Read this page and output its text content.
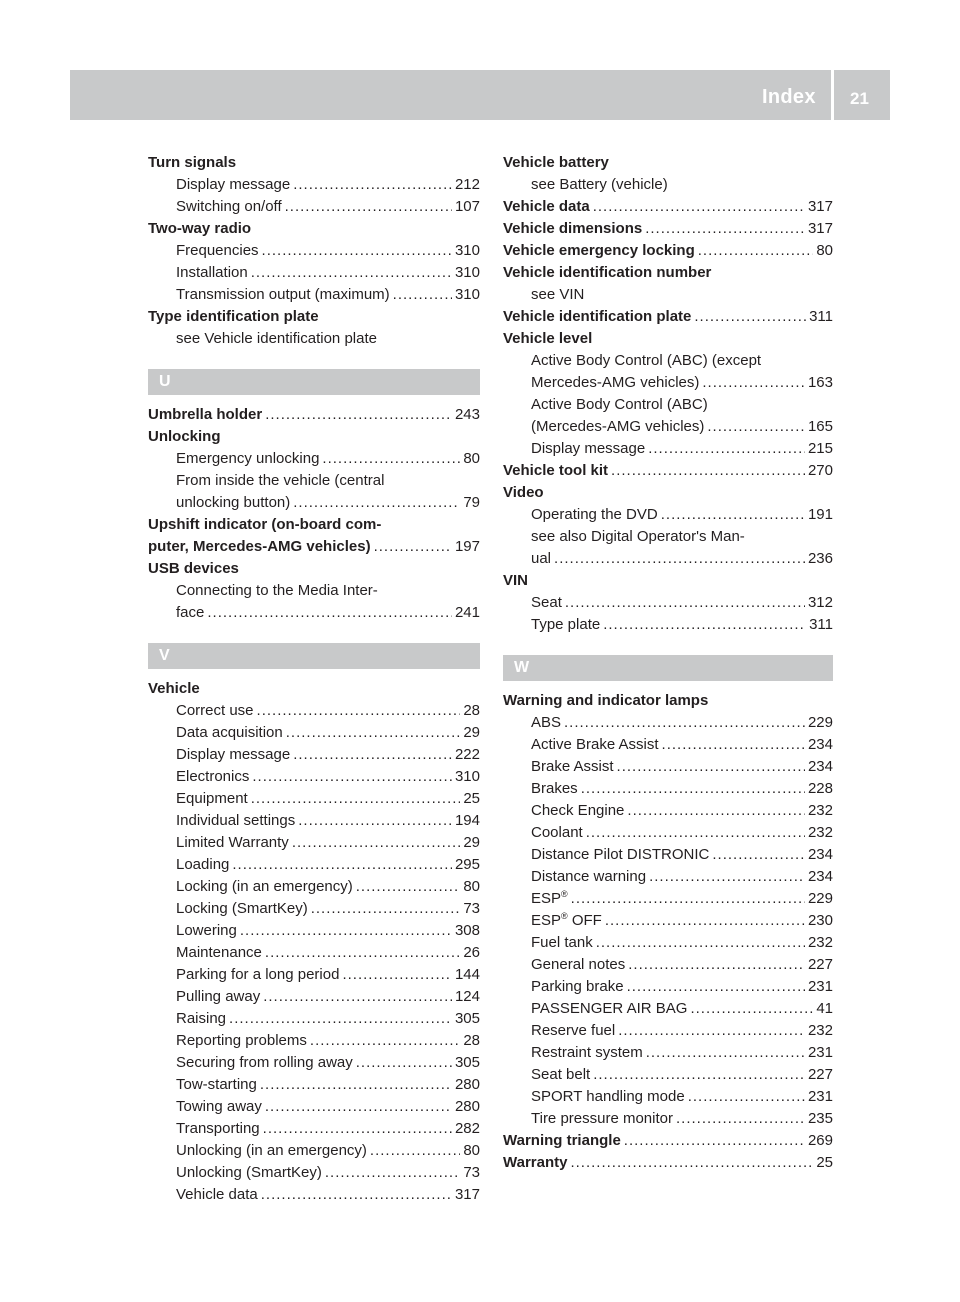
Index 21
Turn signals
Display message .....	212
Switching on/off .....	107
Two-way radio
Frequencies .....	310
Installation .....	310
Transmission output (maximum) .....	310
Type identification plate
see Vehicle identification plate
U
Umbrella holder .....	243
Unlocking
Emergency unlocking .....	80
From inside the vehicle (central
unlocking button) .....	79
Upshift indicator (on-board com-
puter, Mercedes-AMG vehicles) .....	197
USB devices
Connecting to the Media Inter-
face .....	241
V
Vehicle
Correct use .....	28
Data acquisition .....	29
Display message .....	222
Electronics .....	310
Equipment .....	25
Individual settings .....	194
Limited Warranty .....	29
Loading .....	295
Locking (in an emergency) .....	80
Locking (SmartKey) .....	73
Lowering .....	308
Maintenance .....	26
Parking for a long period .....	144
Pulling away .....	124
Raising .....	305
Reporting problems .....	28
Securing from rolling away .....	305
Tow-starting .....	280
Towing away .....	280
Transporting .....	282
Unlocking (in an emergency) .....	80
Unlocking (SmartKey) .....	73
Vehicle data .....	317
Vehicle battery
see Battery (vehicle)
Vehicle data .....	317
Vehicle dimensions .....	317
Vehicle emergency locking .....	80
Vehicle identification number
see VIN
Vehicle identification plate .....	311
Vehicle level
Active Body Control (ABC) (except
Mercedes-AMG vehicles) .....	163
Active Body Control (ABC)
(Mercedes-AMG vehicles) .....	165
Display message .....	215
Vehicle tool kit .....	270
Video
Operating the DVD .....	191
see also Digital Operator's Man-
ual .....	236
VIN
Seat .....	312
Type plate .....	311
W
Warning and indicator lamps
ABS .....	229
Active Brake Assist .....	234
Brake Assist .....	234
Brakes .....	228
Check Engine .....	232
Coolant .....	232
Distance Pilot DISTRONIC .....	234
Distance warning .....	234
ESP® .....	229
ESP® OFF .....	230
Fuel tank .....	232
General notes .....	227
Parking brake .....	231
PASSENGER AIR BAG .....	41
Reserve fuel .....	232
Restraint system .....	231
Seat belt .....	227
SPORT handling mode .....	231
Tire pressure monitor .....	235
Warning triangle .....	269
Warranty .....	25
